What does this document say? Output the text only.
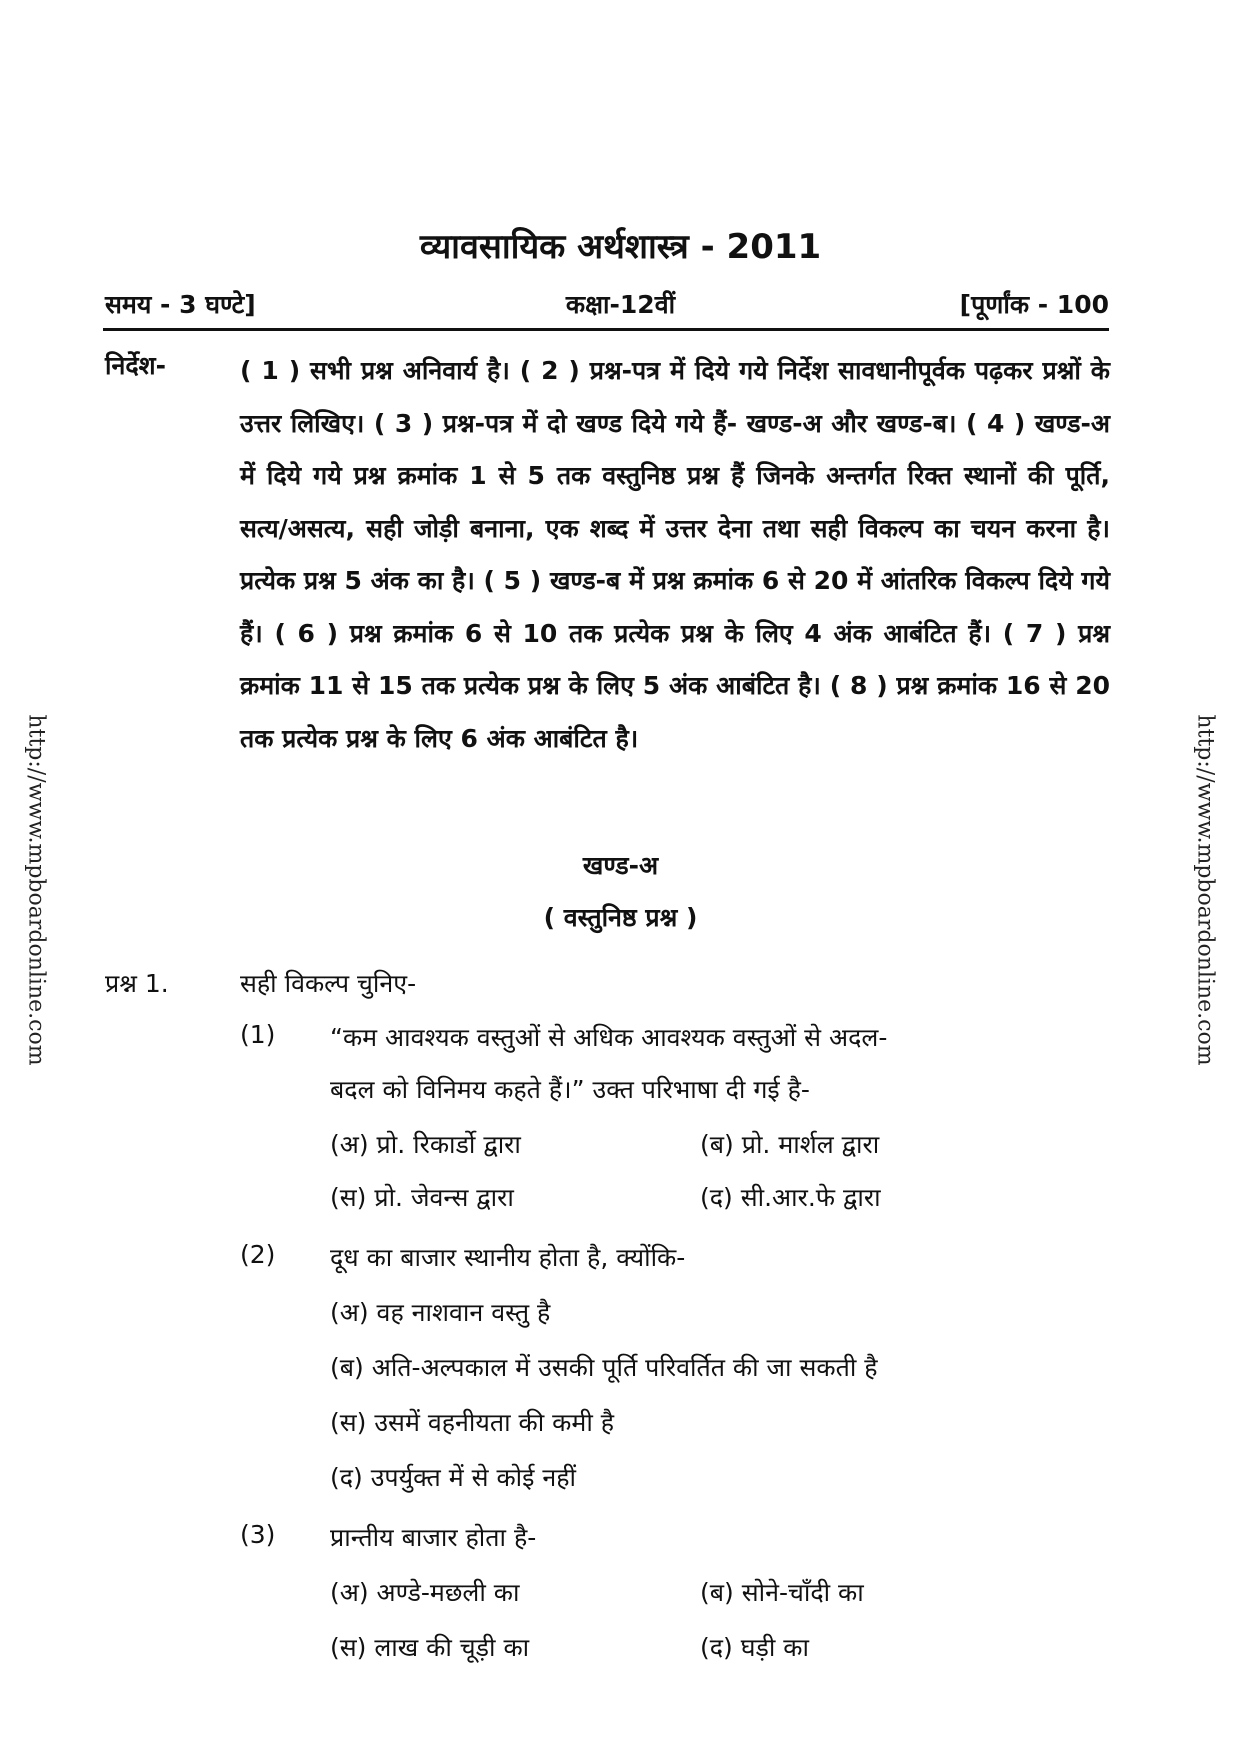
व्यावसायिक अर्थशास्त्र - 2011
समय - 3 घण्टे]	कक्षा-12वीं	[पूर्णांक - 100
निर्देश-	( 1 ) सभी प्रश्न अनिवार्य है। ( 2 ) प्रश्न-पत्र में दिये गये निर्देश सावधानीपूर्वक पढ़कर प्रश्नों के उत्तर लिखिए। ( 3 ) प्रश्न-पत्र में दो खण्ड दिये गये हैं- खण्ड-अ और खण्ड-ब। ( 4 ) खण्ड-अ में दिये गये प्रश्न क्रमांक 1 से 5 तक वस्तुनिष्ठ प्रश्न हैं जिनके अन्तर्गत रिक्त स्थानों की पूर्ति, सत्य/असत्य, सही जोड़ी बनाना, एक शब्द में उत्तर देना तथा सही विकल्प का चयन करना है। प्रत्येक प्रश्न 5 अंक का है। ( 5 ) खण्ड-ब में प्रश्न क्रमांक 6 से 20 में आंतरिक विकल्प दिये गये हैं। ( 6 ) प्रश्न क्रमांक 6 से 10 तक प्रत्येक प्रश्न के लिए 4 अंक आबंटित हैं। ( 7 ) प्रश्न क्रमांक 11 से 15 तक प्रत्येक प्रश्न के लिए 5 अंक आबंटित है। ( 8 ) प्रश्न क्रमांक 16 से 20 तक प्रत्येक प्रश्न के लिए 6 अंक आबंटित है।
खण्ड-अ
( वस्तुनिष्ठ प्रश्न )
प्रश्न 1.	सही विकल्प चुनिए-
(1) “कम आवश्यक वस्तुओं से अधिक आवश्यक वस्तुओं से अदल-
बदल को विनिमय कहते हैं।” उक्त परिभाषा दी गई है-
(अ) प्रो. रिकार्डो द्वारा	(ब) प्रो. मार्शल द्वारा
(स) प्रो. जेवन्स द्वारा	(द) सी.आर.फे द्वारा
(2) दूध का बाजार स्थानीय होता है, क्योंकि-
(अ) वह नाशवान वस्तु है
(ब) अति-अल्पकाल में उसकी पूर्ति परिवर्तित की जा सकती है
(स) उसमें वहनीयता की कमी है
(द) उपर्युक्त में से कोई नहीं
(3) प्रान्तीय बाजार होता है-
(अ) अण्डे-मछली का	(ब) सोने-चाँदी का
(स) लाख की चूड़ी का	(द) घड़ी का
http://www.mpboardonline.com	http://www.mpboardonline.com
